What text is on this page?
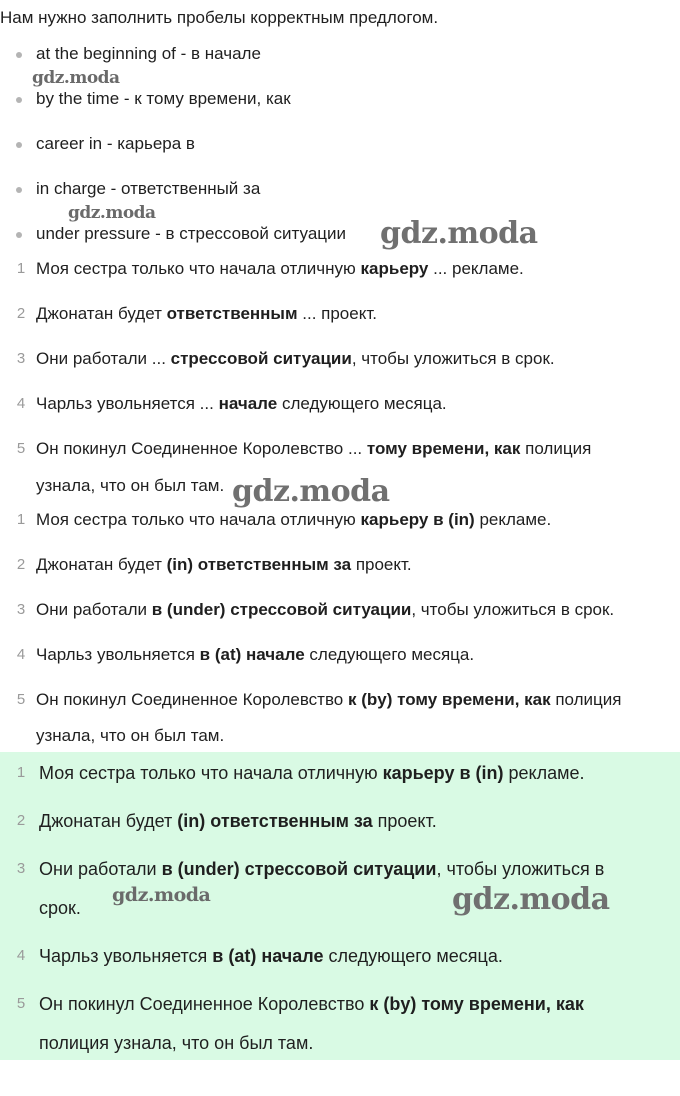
Нам нужно заполнить пробелы корректным предлогом.
at the beginning of - в начале
by the time - к тому времени, как
career in - карьера в
in charge - ответственный за
under pressure - в стрессовой ситуации
1 Моя сестра только что начала отличную карьеру ... рекламе.
2 Джонатан будет ответственным ... проект.
3 Они работали ... стрессовой ситуации, чтобы уложиться в срок.
4 Чарльз увольняется ... начале следующего месяца.
5 Он покинул Соединенное Королевство ... тому времени, как полиция
узнала, что он был там.
1 Моя сестра только что начала отличную карьеру в (in) рекламе.
2 Джонатан будет (in) ответственным за проект.
3 Они работали в (under) стрессовой ситуации, чтобы уложиться в срок.
4 Чарльз увольняется в (at) начале следующего месяца.
5 Он покинул Соединенное Королевство к (by) тому времени, как полиция
узнала, что он был там.
1 Моя сестра только что начала отличную карьеру в (in) рекламе.
2 Джонатан будет (in) ответственным за проект.
3 Они работали в (under) стрессовой ситуации, чтобы уложиться в
срок.
4 Чарльз увольняется в (at) начале следующего месяца.
5 Он покинул Соединенное Королевство к (by) тому времени, как
полиция узнала, что он был там.
gdz.moda
gdz.moda
gdz.moda
gdz.moda
gdz.moda	gdz.moda
